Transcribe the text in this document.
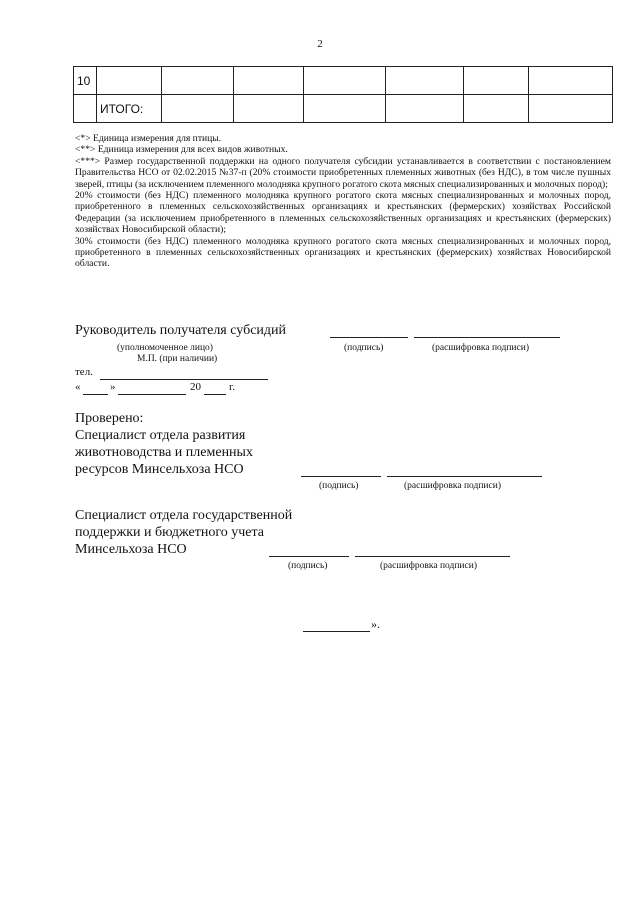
2
10							
	ИТОГО:						

<*> Единица измерения для птицы.

<**> Единица измерения для всех видов животных.

<***> Размер государственной поддержки на одного получателя субсидии устанавливается в соответствии с постановлением Правительства НСО от 02.02.2015 №37-п (20% стоимости приобретенных племенных животных (без НДС), в том числе пушных зверей, птицы (за исключением племенного молодняка крупного рогатого скота мясных специализированных и молочных пород);

20% стоимости (без НДС) племенного молодняка крупного рогатого скота мясных специализированных и молочных пород, приобретенного в племенных сельскохозяйственных организациях и крестьянских (фермерских) хозяйствах Российской Федерации (за исключением приобретенного в племенных сельскохозяйственных организациях и крестьянских (фермерских) хозяйствах Новосибирской области);

30% стоимости (без НДС) племенного молодняка крупного рогатого скота мясных специализированных и молочных пород, приобретенного в племенных сельскохозяйственных организациях и крестьянских (фермерских) хозяйствах Новосибирской области.

Руководитель получателя субсидий
(уполномоченное лицо)	(подпись)	(расшифровка подписи)
М.П. (при наличии)
тел.
«	»	20	г.
Проверено:
Специалист отдела развития
животноводства и племенных
ресурсов Минсельхоза НСО
(подпись)	(расшифровка подписи)
Специалист отдела государственной
поддержки и бюджетного учета
Минсельхоза НСО
(подпись)	(расшифровка подписи)
».
